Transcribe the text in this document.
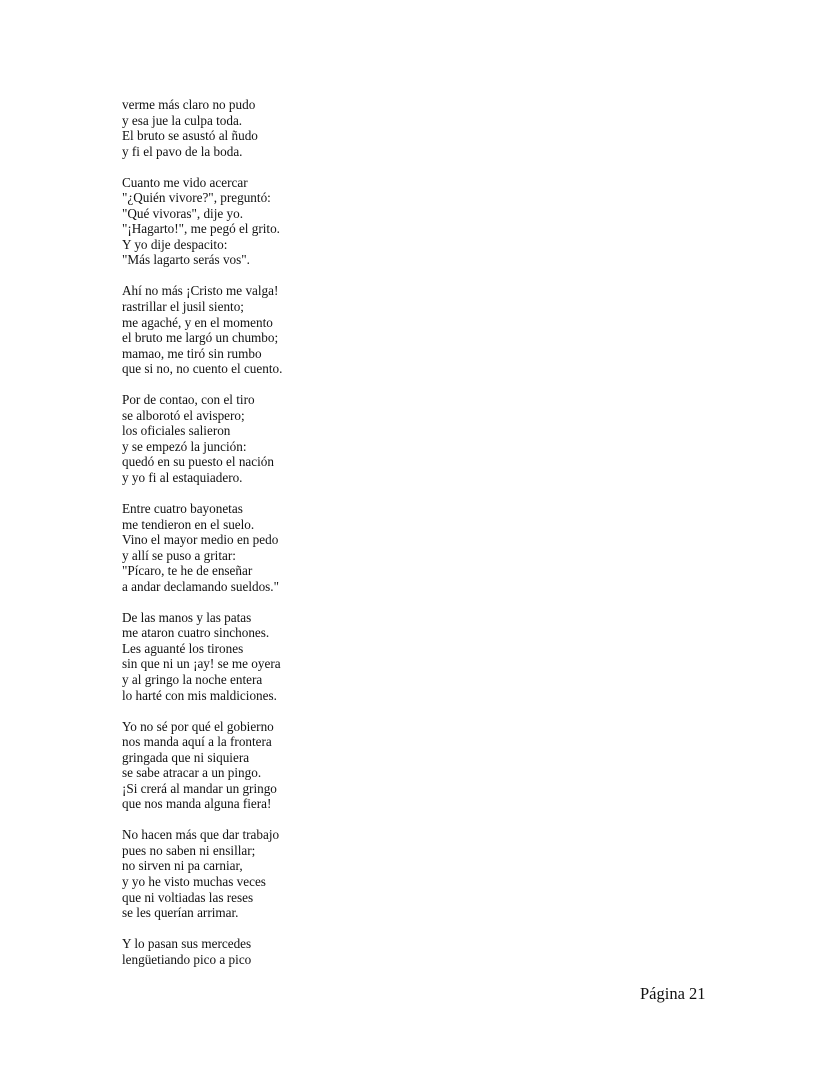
verme más claro no pudo
y esa jue la culpa toda.
El bruto se asustó al ñudo
y fi el pavo de la boda.
Cuanto me vido acercar
"¿Quién vivore?", preguntó:
"Qué vivoras", dije yo.
"¡Hagarto!", me pegó el grito.
Y yo dije despacito:
"Más lagarto serás vos".
Ahí no más ¡Cristo me valga!
rastrillar el jusil siento;
me agaché, y en el momento
el bruto me largó un chumbo;
mamao, me tiró sin rumbo
que si no, no cuento el cuento.
Por de contao, con el tiro
se alborotó el avispero;
los oficiales salieron
y se empezó la junción:
quedó en su puesto el nación
y yo fi al estaquiadero.
Entre cuatro bayonetas
me tendieron en el suelo.
Vino el mayor medio en pedo
y allí se puso a gritar:
"Pícaro, te he de enseñar
a andar declamando sueldos."
De las manos y las patas
me ataron cuatro sinchones.
Les aguanté los tirones
sin que ni un ¡ay! se me oyera
y al gringo la noche entera
lo harté con mis maldiciones.
Yo no sé por qué el gobierno
nos manda aquí a la frontera
gringada que ni siquiera
se sabe atracar a un pingo.
¡Si crerá al mandar un gringo
que nos manda alguna fiera!
No hacen más que dar trabajo
pues no saben ni ensillar;
no sirven ni pa carniar,
y yo he visto muchas veces
que ni voltiadas las reses
se les querían arrimar.
Y lo pasan sus mercedes
lengüetiando pico a pico
Página 21
